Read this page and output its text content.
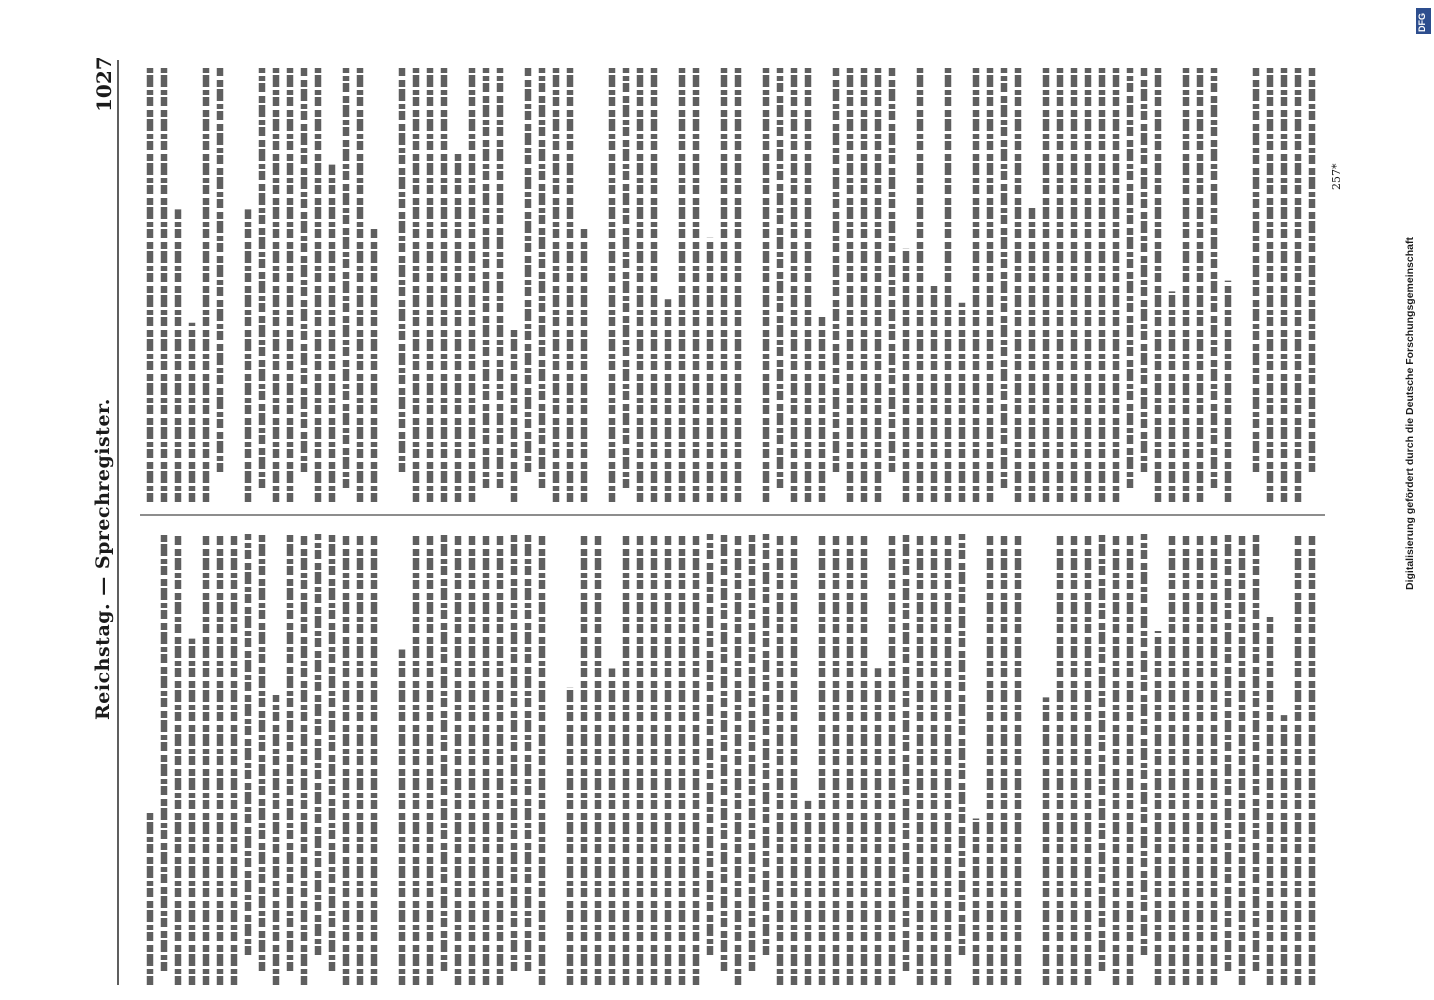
Reichstag. — Sprechregister.
1027
257*
Digitalisierung gefördert durch die Deutsche Forschungsgemeinschaft
DFG
